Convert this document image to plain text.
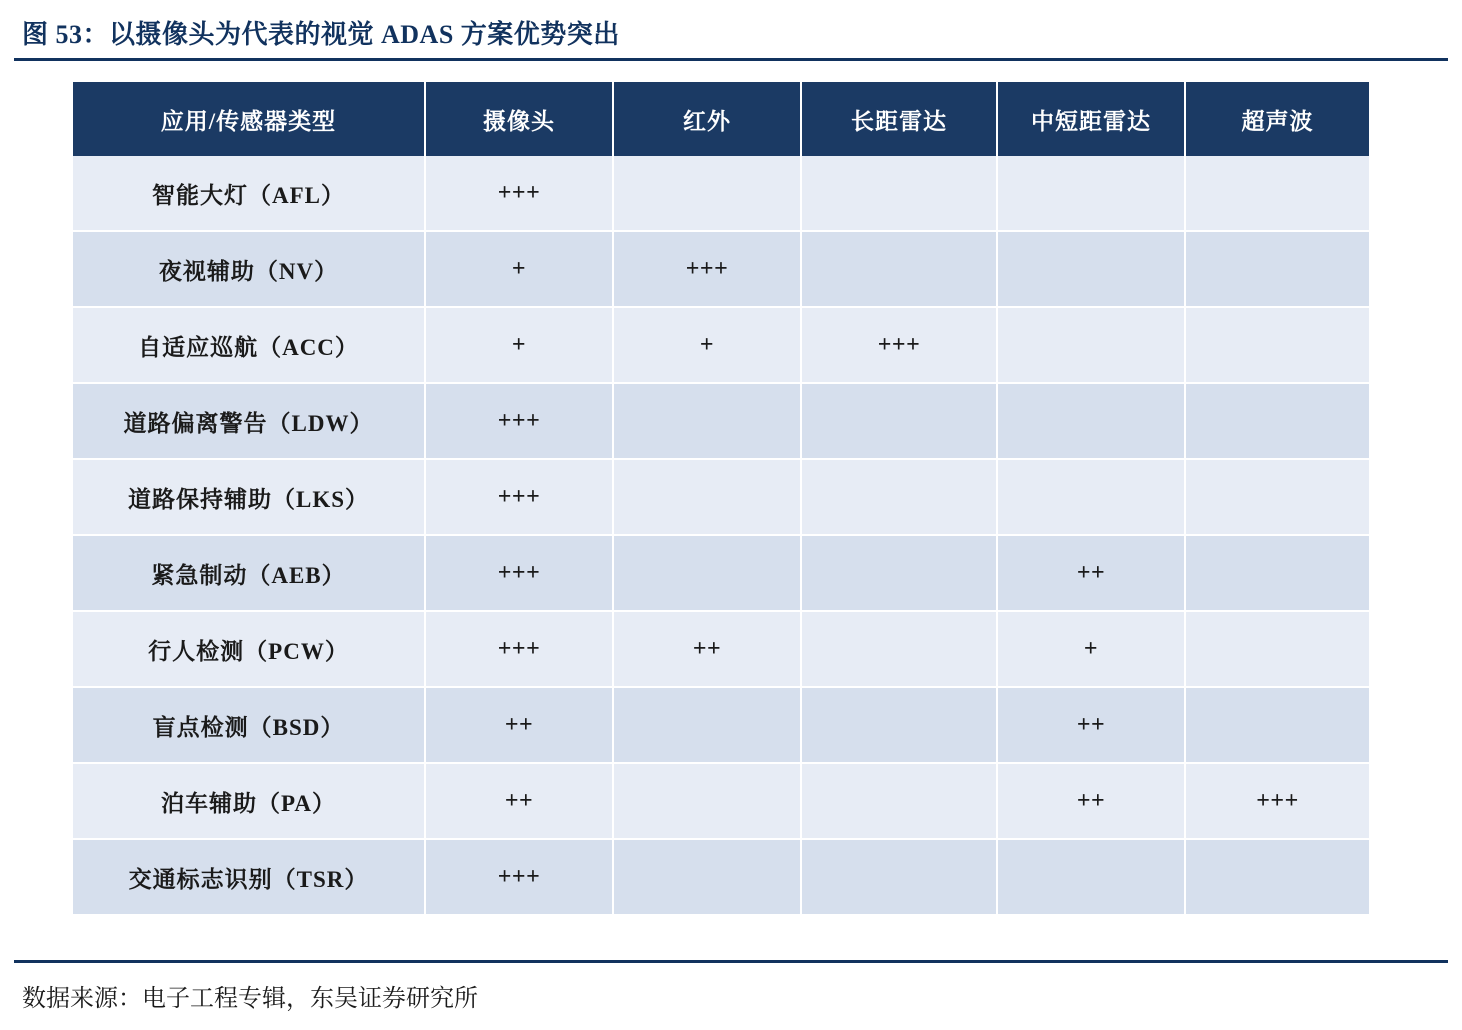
图 53：以摄像头为代表的视觉 ADAS 方案优势突出
应用/传感器类型	摄像头	红外	长距雷达	中短距雷达	超声波
智能大灯（AFL）	+++				
夜视辅助（NV）	+	+++			
自适应巡航（ACC）	+	+	+++		
道路偏离警告（LDW）	+++				
道路保持辅助（LKS）	+++				
紧急制动（AEB）	+++			++	
行人检测（PCW）	+++	++		+	
盲点检测（BSD）	++			++	
泊车辅助（PA）	++			++	+++
交通标志识别（TSR）	+++				
数据来源：电子工程专辑，东吴证券研究所
